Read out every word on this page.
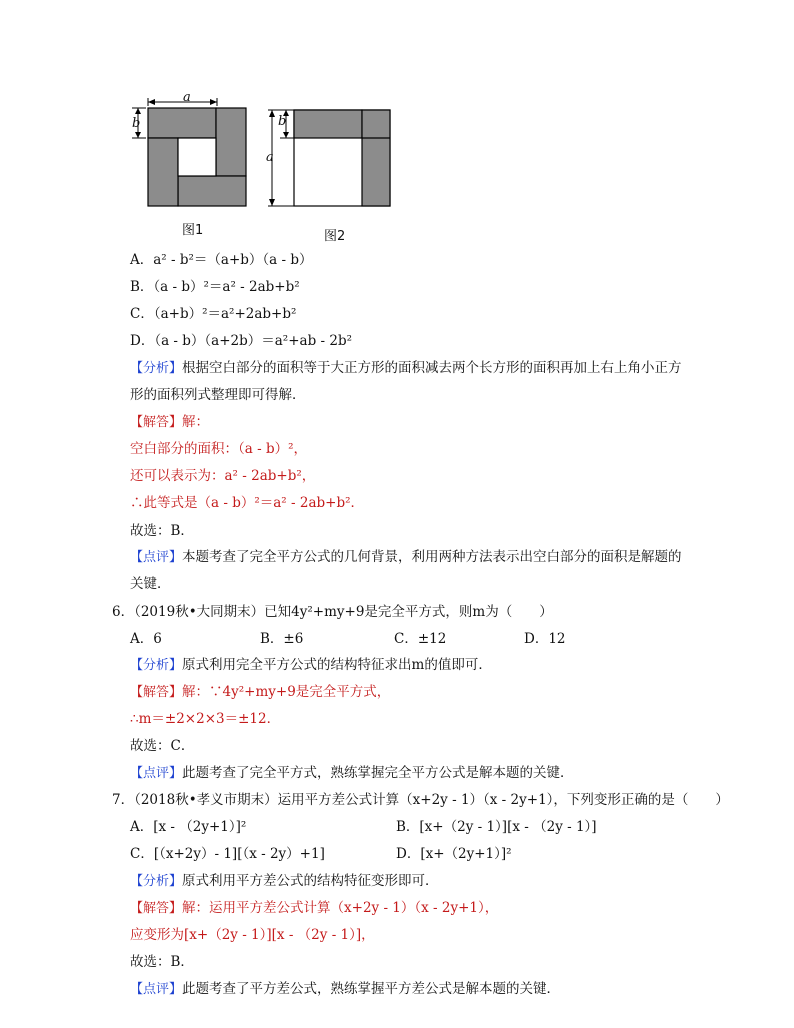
a
b
图1
b
a
图2
A．a² - b²＝（a+b）（a - b）
B．（a - b）²＝a² - 2ab+b²
C．（a+b）²＝a²+2ab+b²
D．（a - b）（a+2b）＝a²+ab - 2b²
【分析】根据空白部分的面积等于大正方形的面积减去两个长方形的面积再加上右上角小正方形的面积列式整理即可得解．
【解答】解：
空白部分的面积：（a - b）²，
还可以表示为：a² - 2ab+b²，
∴此等式是（a - b）²＝a² - 2ab+b²．
故选：B．
【点评】本题考查了完全平方公式的几何背景，利用两种方法表示出空白部分的面积是解题的关键．
6．（2019秋•大同期末）已知4y²+my+9是完全平方式，则m为（　　）
A．6	B．±6	C．±12	D．12
【分析】原式利用完全平方公式的结构特征求出m的值即可．
【解答】解：∵4y²+my+9是完全平方式，
∴m＝±2×2×3＝±12．
故选：C．
【点评】此题考查了完全平方式，熟练掌握完全平方公式是解本题的关键．
7．（2018秋•孝义市期末）运用平方差公式计算（x+2y - 1）（x - 2y+1），下列变形正确的是（　　）
A．[x - （2y+1）]²	B．[x+（2y - 1）][x - （2y - 1）]
C．[（x+2y）- 1][（x - 2y）+1]	D．[x+（2y+1）]²
【分析】原式利用平方差公式的结构特征变形即可．
【解答】解：运用平方差公式计算（x+2y - 1）（x - 2y+1），
应变形为[x+（2y - 1）][x - （2y - 1）]，
故选：B．
【点评】此题考查了平方差公式，熟练掌握平方差公式是解本题的关键．
